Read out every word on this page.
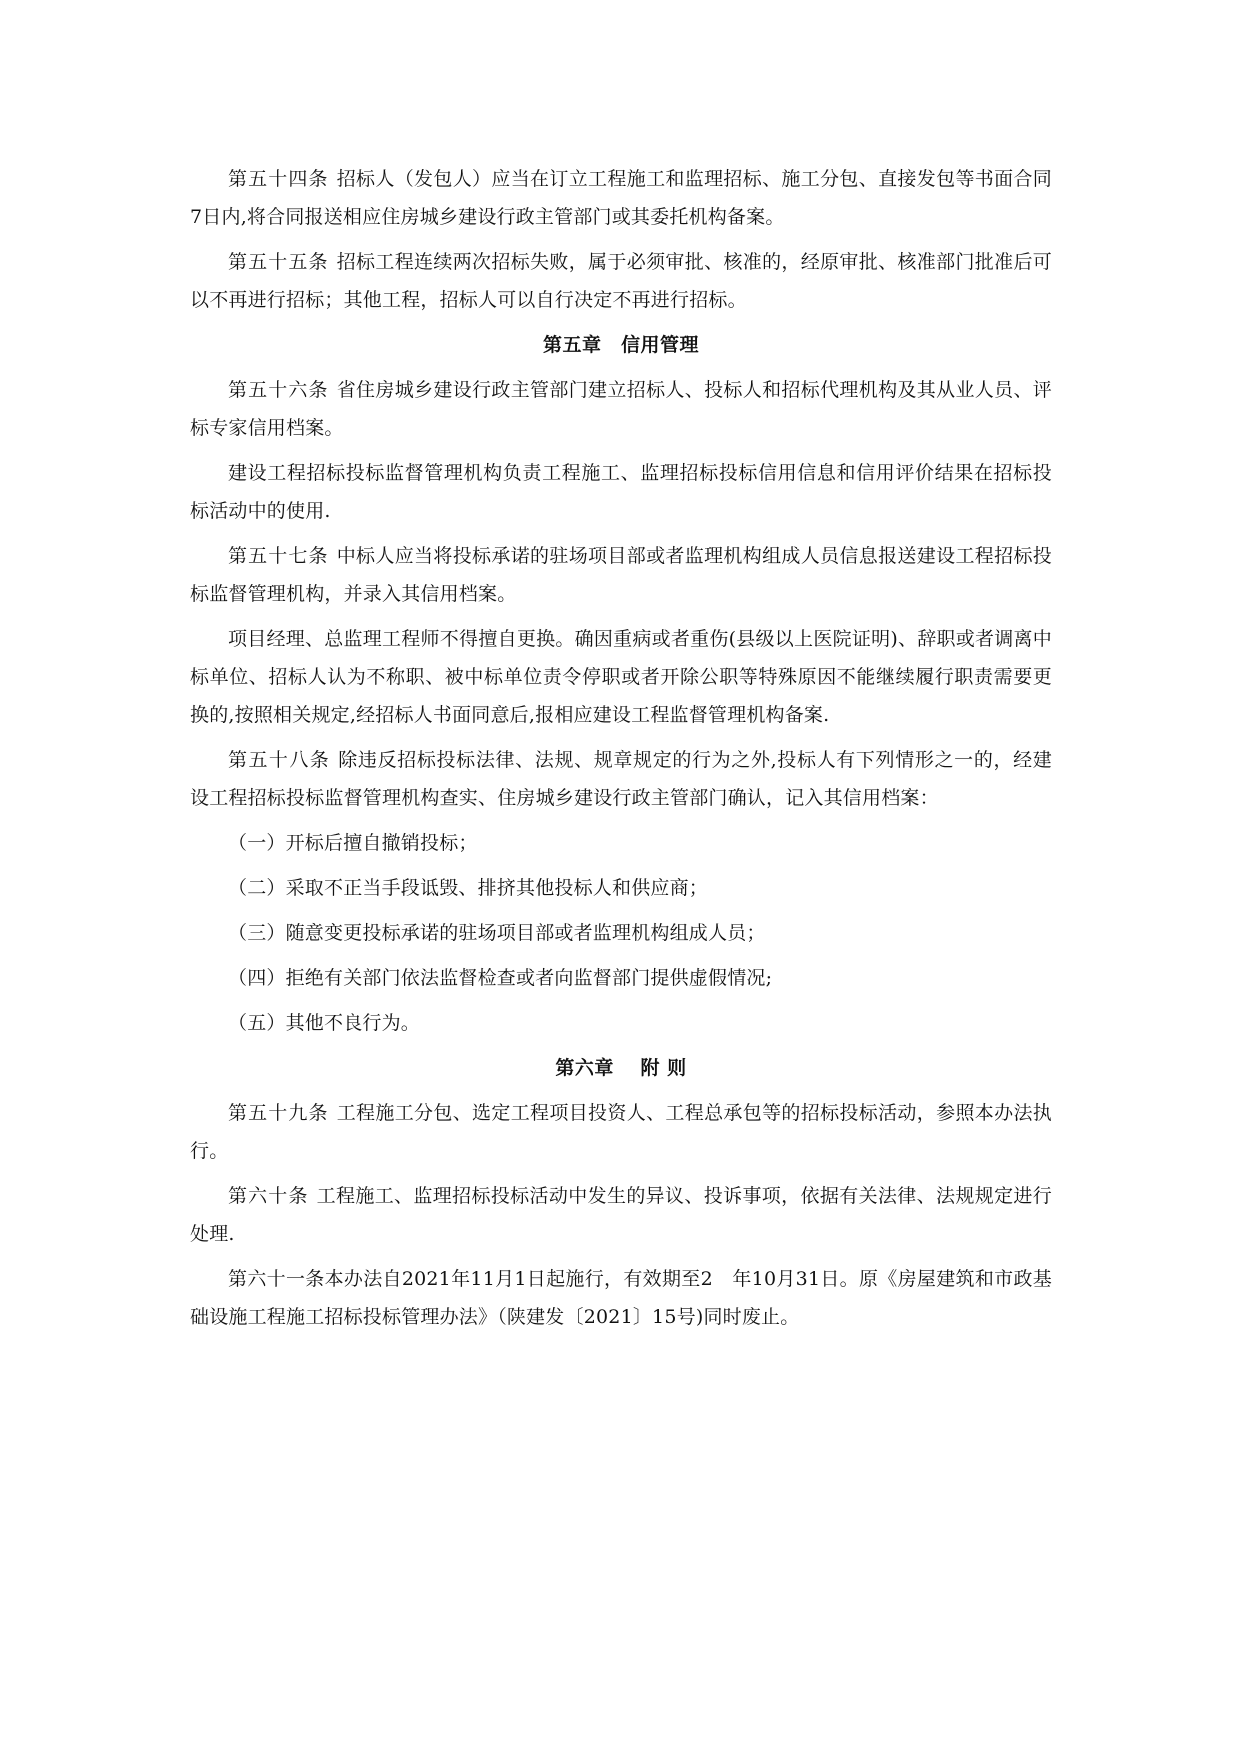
第五十四条 招标人（发包人）应当在订立工程施工和监理招标、施工分包、直接发包等书面合同7日内,将合同报送相应住房城乡建设行政主管部门或其委托机构备案。

第五十五条 招标工程连续两次招标失败，属于必须审批、核准的，经原审批、核准部门批准后可以不再进行招标；其他工程，招标人可以自行决定不再进行招标。

第五章　信用管理

第五十六条 省住房城乡建设行政主管部门建立招标人、投标人和招标代理机构及其从业人员、评标专家信用档案。

建设工程招标投标监督管理机构负责工程施工、监理招标投标信用信息和信用评价结果在招标投标活动中的使用.

第五十七条 中标人应当将投标承诺的驻场项目部或者监理机构组成人员信息报送建设工程招标投标监督管理机构，并录入其信用档案。

项目经理、总监理工程师不得擅自更换。确因重病或者重伤(县级以上医院证明)、辞职或者调离中标单位、招标人认为不称职、被中标单位责令停职或者开除公职等特殊原因不能继续履行职责需要更换的,按照相关规定,经招标人书面同意后,报相应建设工程监督管理机构备案.

第五十八条 除违反招标投标法律、法规、规章规定的行为之外,投标人有下列情形之一的，经建设工程招标投标监督管理机构查实、住房城乡建设行政主管部门确认，记入其信用档案：

（一）开标后擅自撤销投标；

（二）采取不正当手段诋毁、排挤其他投标人和供应商；

（三）随意变更投标承诺的驻场项目部或者监理机构组成人员；

（四）拒绝有关部门依法监督检查或者向监督部门提供虚假情况;

（五）其他不良行为。

第六章　 附 则

第五十九条 工程施工分包、选定工程项目投资人、工程总承包等的招标投标活动，参照本办法执行。

第六十条 工程施工、监理招标投标活动中发生的异议、投诉事项，依据有关法律、法规规定进行处理.

第六十一条本办法自2021年11月1日起施行，有效期至2　年10月31日。原《房屋建筑和市政基础设施工程施工招标投标管理办法》（陕建发〔2021〕15号)同时废止。
